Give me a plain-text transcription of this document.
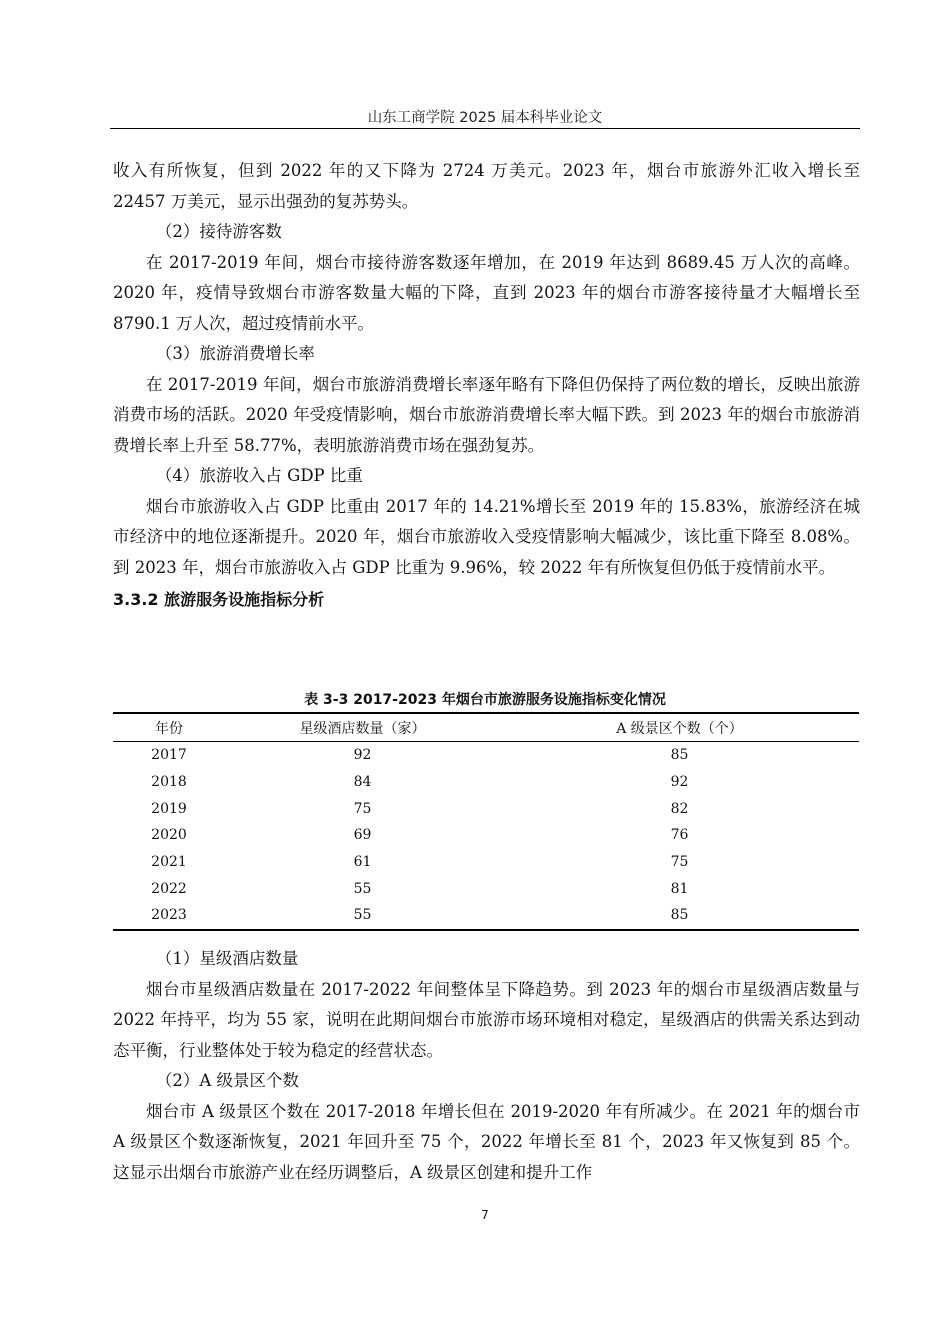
山东工商学院 2025 届本科毕业论文

收入有所恢复，但到 2022 年的又下降为 2724 万美元。2023 年，烟台市旅游外汇收入增长至 22457 万美元，显示出强劲的复苏势头。

（2）接待游客数

在 2017-2019 年间，烟台市接待游客数逐年增加，在 2019 年达到 8689.45 万人次的高峰。2020 年，疫情导致烟台市游客数量大幅的下降，直到 2023 年的烟台市游客接待量才大幅增长至 8790.1 万人次，超过疫情前水平。

（3）旅游消费增长率

在 2017-2019 年间，烟台市旅游消费增长率逐年略有下降但仍保持了两位数的增长，反映出旅游消费市场的活跃。2020 年受疫情影响，烟台市旅游消费增长率大幅下跌。到 2023 年的烟台市旅游消费增长率上升至 58.77%，表明旅游消费市场在强劲复苏。

（4）旅游收入占 GDP 比重

烟台市旅游收入占 GDP 比重由 2017 年的 14.21%增长至 2019 年的 15.83%，旅游经济在城市经济中的地位逐渐提升。2020 年，烟台市旅游收入受疫情影响大幅减少，该比重下降至 8.08%。到 2023 年，烟台市旅游收入占 GDP 比重为 9.96%，较 2022 年有所恢复但仍低于疫情前水平。

3.3.2 旅游服务设施指标分析

表 3-3 2017-2023 年烟台市旅游服务设施指标变化情况
年份	星级酒店数量（家）	A 级景区个数（个）
2017	92	85
2018	84	92
2019	75	82
2020	69	76
2021	61	75
2022	55	81
2023	55	85

（1）星级酒店数量

烟台市星级酒店数量在 2017-2022 年间整体呈下降趋势。到 2023 年的烟台市星级酒店数量与 2022 年持平，均为 55 家，说明在此期间烟台市旅游市场环境相对稳定，星级酒店的供需关系达到动态平衡，行业整体处于较为稳定的经营状态。

（2）A 级景区个数

烟台市 A 级景区个数在 2017-2018 年增长但在 2019-2020 年有所减少。在 2021 年的烟台市 A 级景区个数逐渐恢复，2021 年回升至 75 个，2022 年增长至 81 个，2023 年又恢复到 85 个。这显示出烟台市旅游产业在经历调整后，A 级景区创建和提升工作

7
